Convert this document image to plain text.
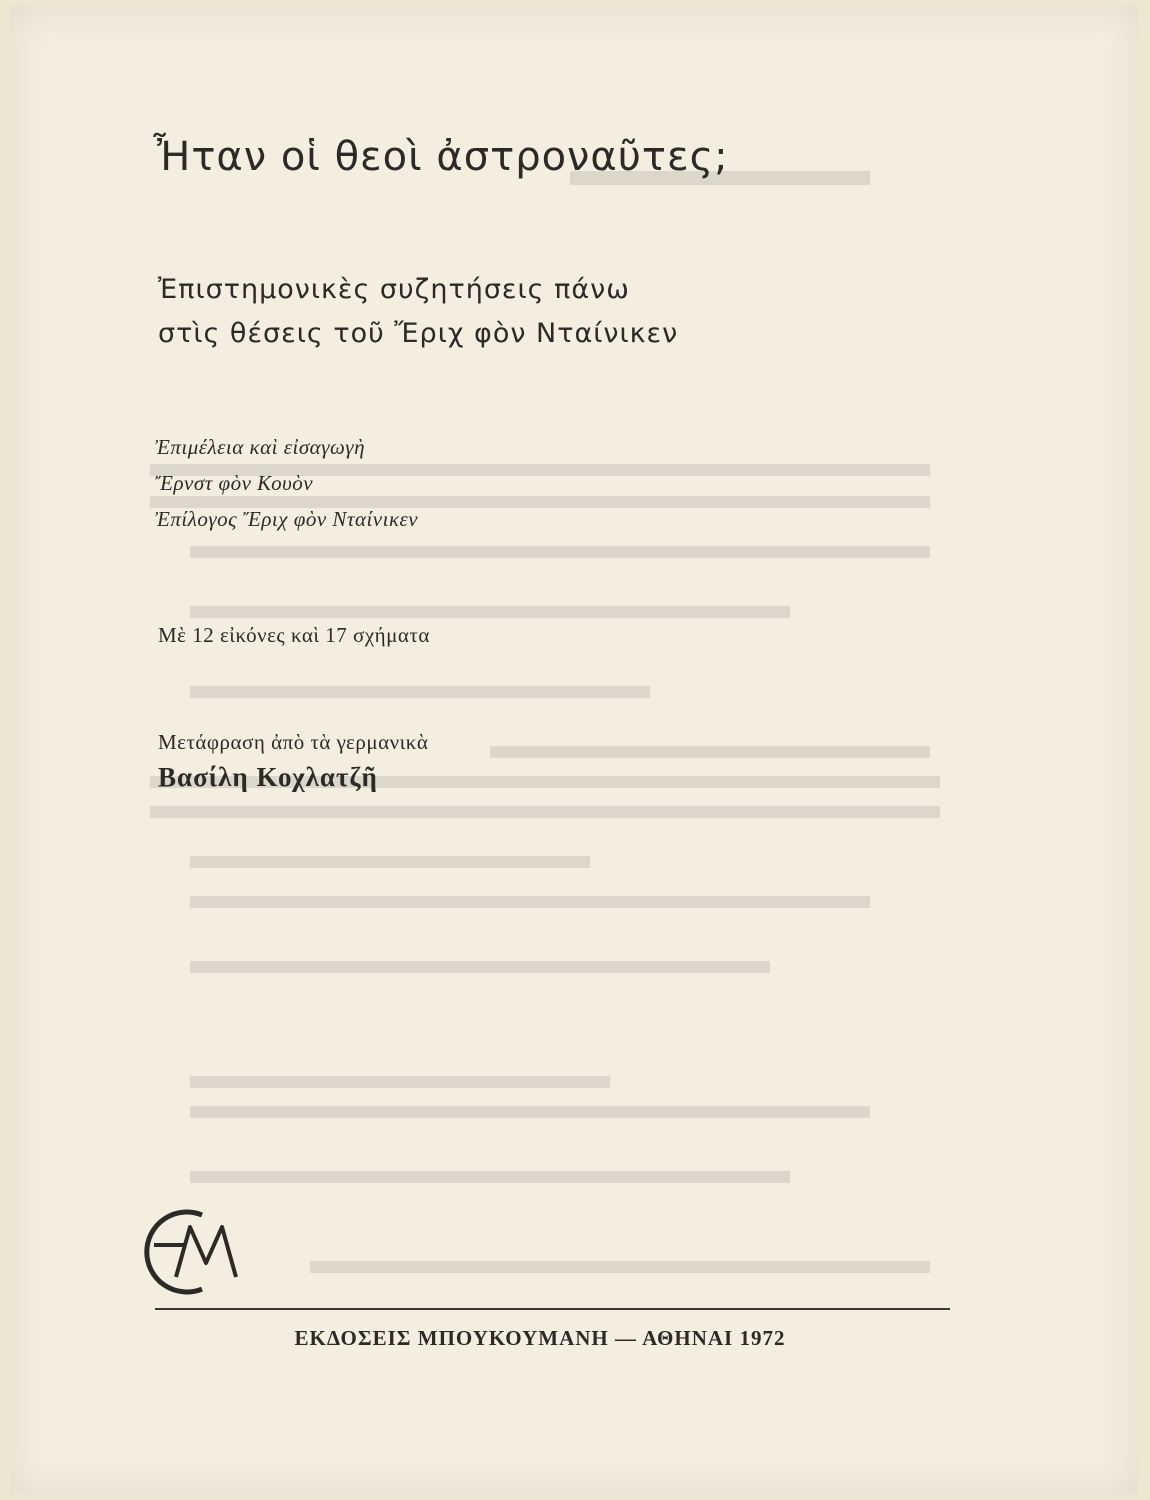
Ἦταν οἱ θεοὶ ἀστροναῦτες;
Ἐπιστημονικὲς συζητήσεις πάνω
στὶς θέσεις τοῦ Ἔριχ φὸν Νταίνικεν
Ἐπιμέλεια καὶ εἰσαγωγὴ
Ἔρνστ φὸν Κουὸν
Ἐπίλογος Ἔριχ φὸν Νταίνικεν
Μὲ 12 εἰκόνες καὶ 17 σχήματα
Μετάφραση ἀπὸ τὰ γερμανικὰ
Βασίλη Κοχλατζῆ
ΕΚΔΟΣΕΙΣ ΜΠΟΥΚΟΥΜΑΝΗ — ΑΘΗΝΑΙ 1972
